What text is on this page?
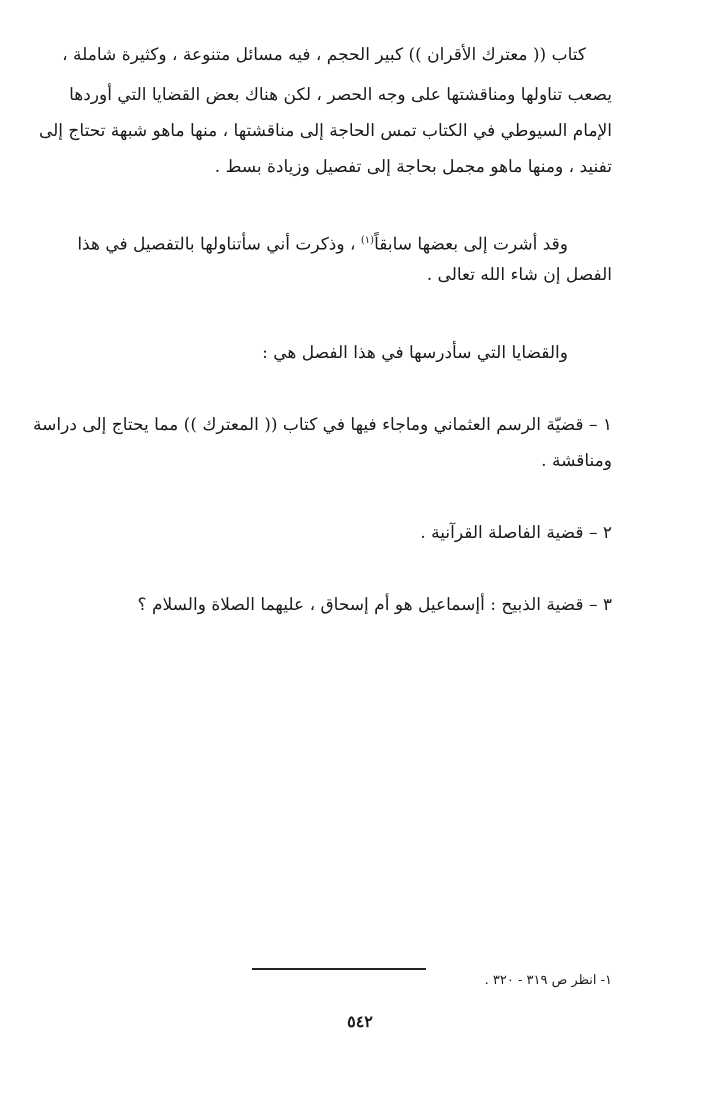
كتاب (( معترك الأقران )) كبير الحجم ، فيه مسائل متنوعة ، وكثيرة شاملة ،
يصعب تناولها ومناقشتها على وجه الحصر ، لكن هناك بعض القضايا التي أوردها
الإمام السيوطي في الكتاب تمس الحاجة إلى مناقشتها ، منها ماهو شبهة تحتاج إلى
تفنيد ، ومنها ماهو مجمل بحاجة إلى تفصيل وزيادة بسط .
وقد أشرت إلى بعضها سابقاً$^{(١)}$ ، وذكرت أني سأتناولها بالتفصيل في هذا
الفصل إن شاء الله تعالى .
والقضايا التي سأدرسها في هذا الفصل هي :
١ – قضيّة الرسم العثماني وماجاء فيها في كتاب (( المعترك )) مما يحتاج إلى دراسة
ومناقشة .
٢ – قضية الفاصلة القرآنية .
٣ – قضية الذبيح : أإسماعيل هو أم إسحاق ، عليهما الصلاة والسلام ؟
١- انظر ص ٣١٩ - ٣٢٠ .
٥٤٢
